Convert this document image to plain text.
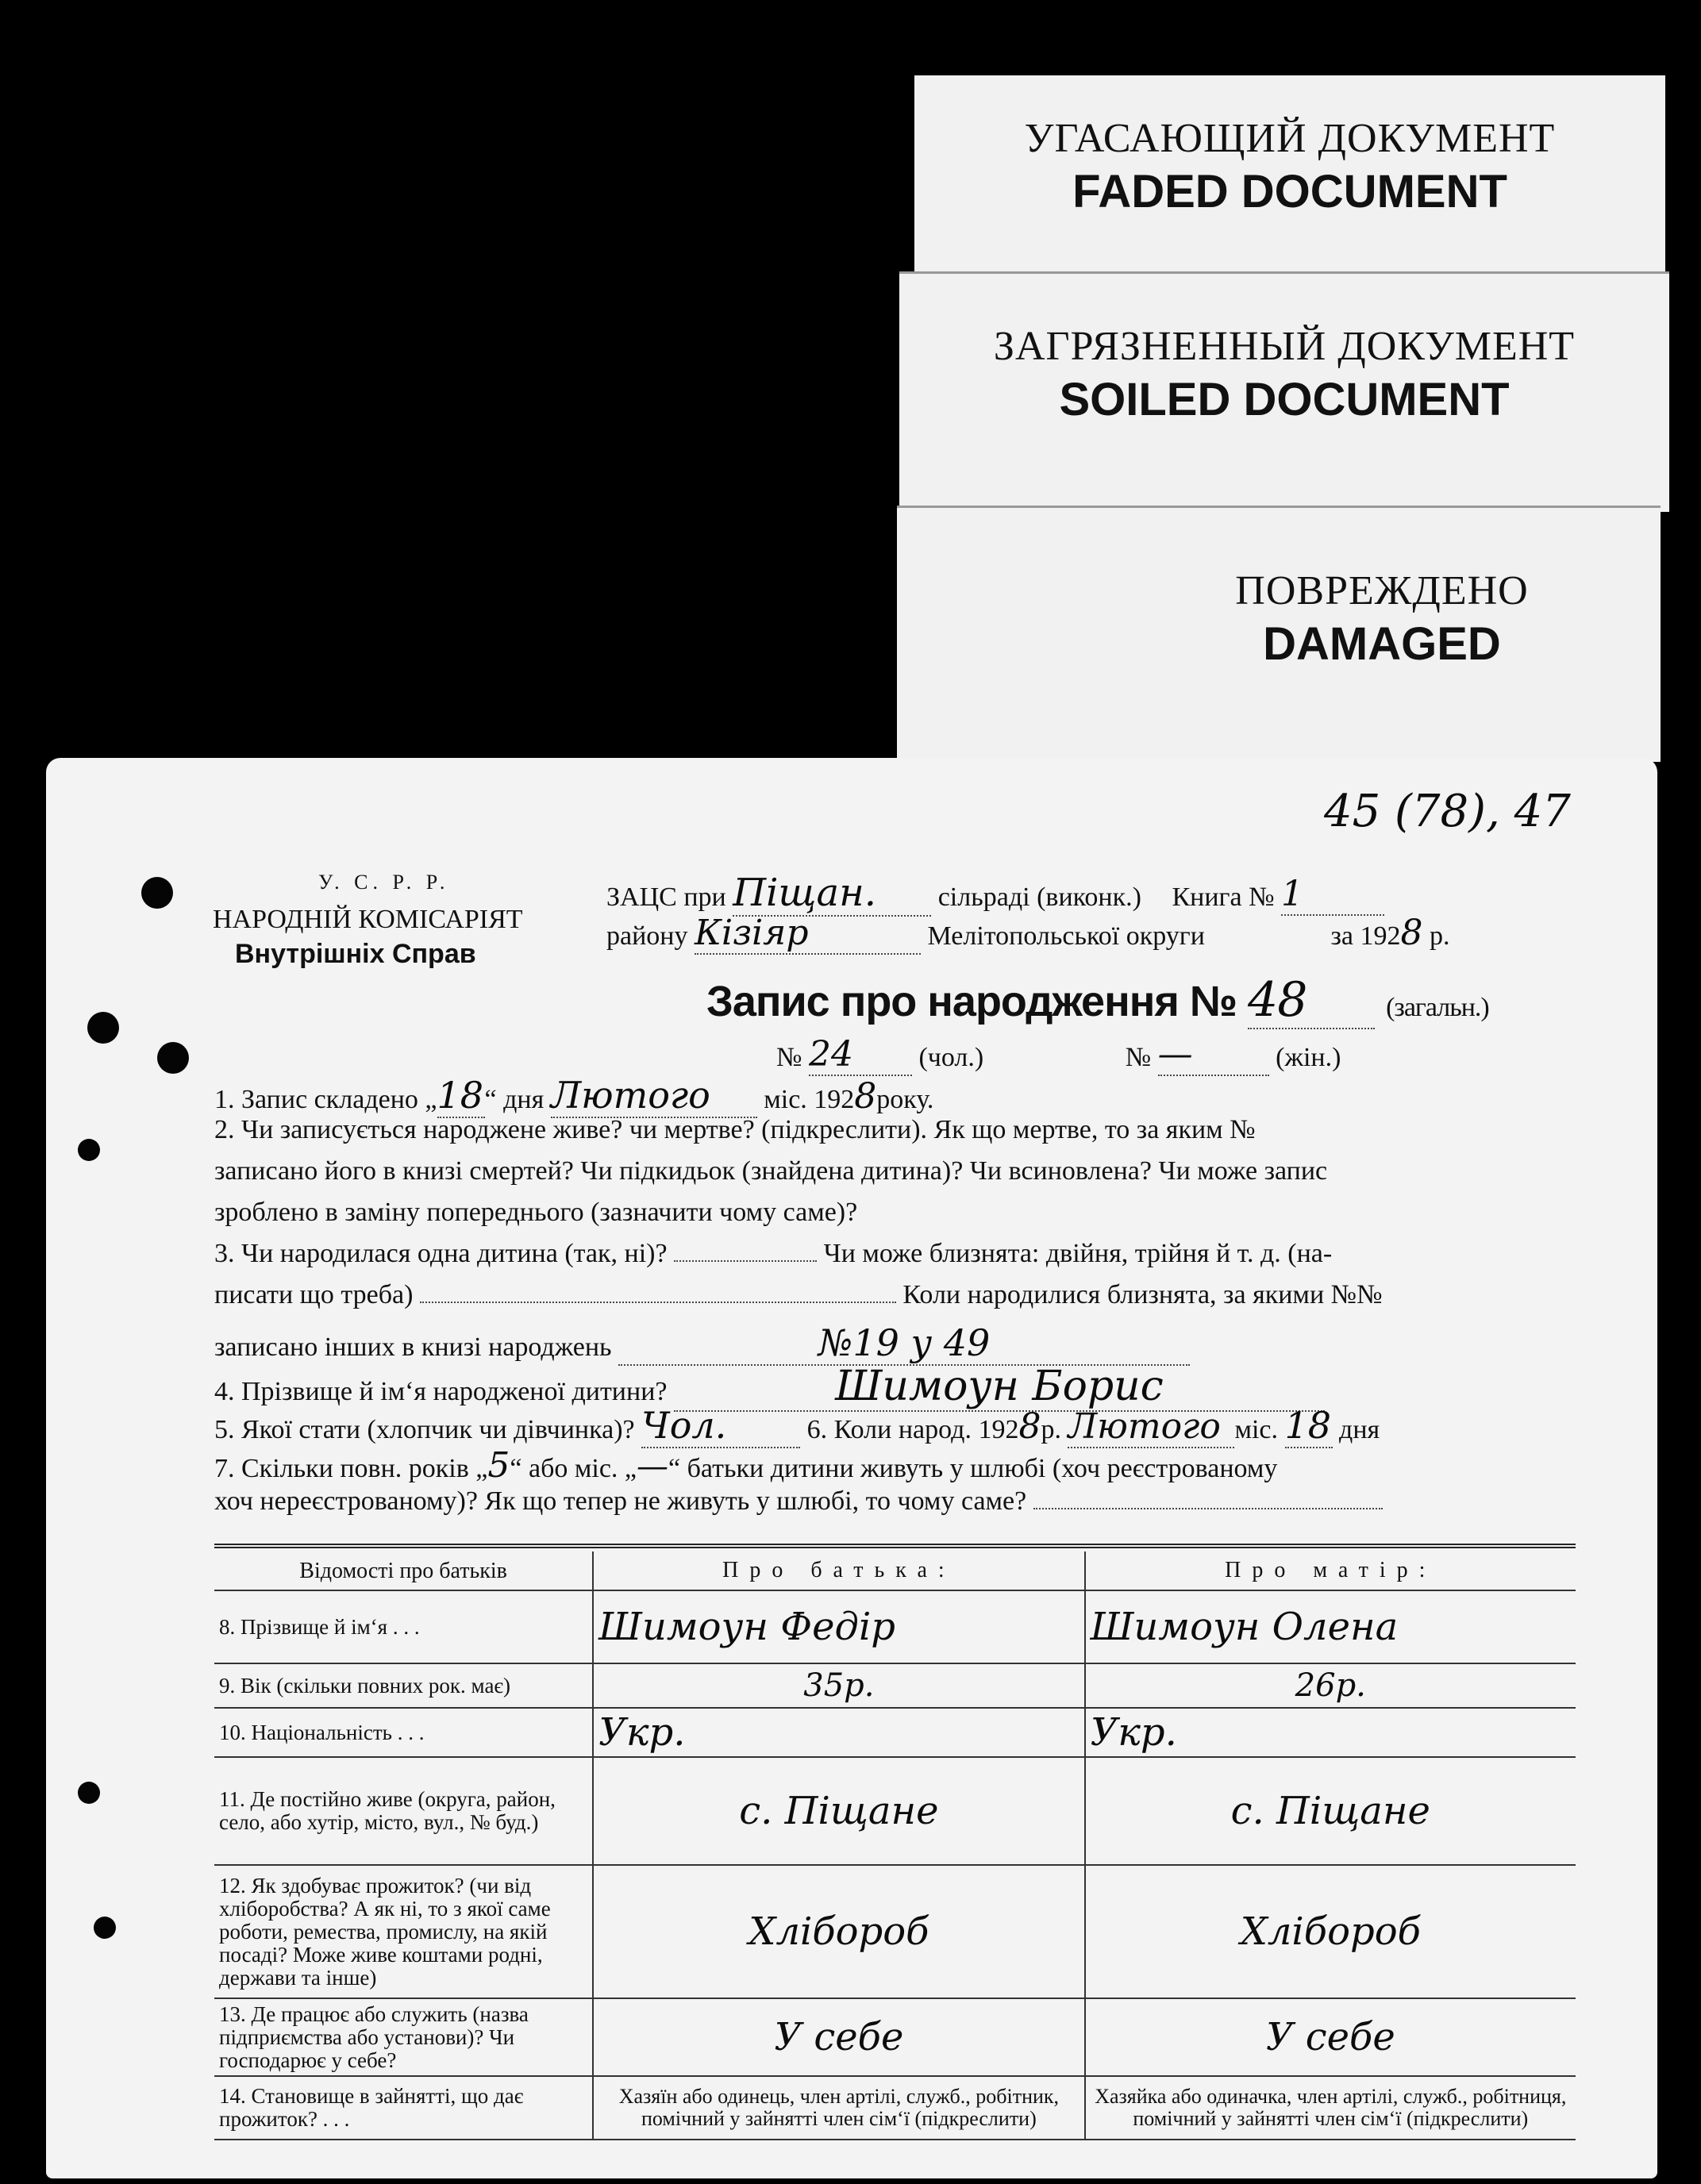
УГАСАЮЩИЙ ДОКУМЕНТ
FADED DOCUMENT
ЗАГРЯЗНЕННЫЙ ДОКУМЕНТ
SOILED DOCUMENT
ПОВРЕЖДЕНО
DAMAGED
45 (78), 47
У. С. Р. Р.
НАРОДНІЙ КОМІСАРІЯТ
Внутрішніх Справ
ЗАЦС при Піщан. сільраді (виконк.) Книга № 1
району Кізіяр	Мелітопольської округи	за 1928 р.
Запис про народження № 48	(загальн.)
№ 24 (чол.)	№ —	(жін.)
1. Запис складено „18“ дня Лютого міс. 1928року.
2. Чи записується народжене живе? чи мертве? (підкреслити). Як що мертве, то за яким №
записано його в книзі смертей? Чи підкидьок (знайдена дитина)? Чи всиновлена? Чи може запис
зроблено в заміну попереднього (зазначити чому саме)?
3. Чи народилася одна дитина (так, ні)?	Чи може близнята: двійня, трійня й т. д. (на-
писати що треба)	Коли народилися близнята, за якими №№
записано інших в книзі народжень	№19 у 49
4. Прізвище й ім‘я народженої дитини?	Шимоун Борис
5. Якої стати (хлопчик чи дівчинка)? Чол.	6. Коли народ. 1928р. Лютого міс. 18 дня
7. Скільки повн. років „5“ або міс. „—“ батьки дитини живуть у шлюбі (хоч реєстрованому
хоч нереєстрованому)? Як що тепер не живуть у шлюбі, то чому саме?
Відомості про батьків	Про батька:	Про матір:
8. Прізвище й ім‘я . . .	Шимоун Федір	Шимоун Олена
9. Вік (скільки повних рок. має)	35р.	26р.
10. Національність . . .	Укр.	Укр.
11. Де постійно живе (округа, район, село, або хутір, місто, вул., № буд.)	с. Піщане	с. Піщане
12. Як здобуває прожиток? (чи від хліборобства? А як ні, то з якої саме роботи, ремества, промислу, на якій посаді? Може живе коштами родні, держави та інше)	Хлібороб	Хлібороб
13. Де працює або служить (назва підприємства або установи)? Чи господарює у себе?	У себе	У себе
14. Становище в зайнятті, що дає прожиток? . . .	Хазяїн або одинець, член артілі, служб., робітник, помічний у зайнятті член сім‘ї (підкреслити)	Хазяйка або одиначка, член артілі, служб., робітниця, помічний у зайнятті член сім‘ї (підкреслити)
